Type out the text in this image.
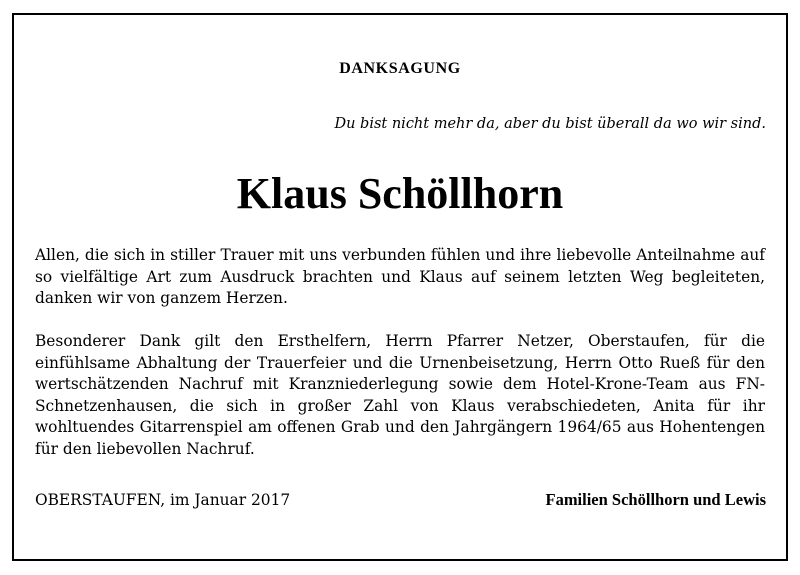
DANKSAGUNG

Du bist nicht mehr da, aber du bist überall da wo wir sind.

Klaus Schöllhorn

Allen, die sich in stiller Trauer mit uns verbunden fühlen und ihre liebevolle Anteilnahme auf so vielfältige Art zum Ausdruck brachten und Klaus auf seinem letzten Weg begleiteten, danken wir von ganzem Herzen.

Besonderer Dank gilt den Ersthelfern, Herrn Pfarrer Netzer, Oberstaufen, für die einfühlsame Abhaltung der Trauerfeier und die Urnenbeisetzung, Herrn Otto Rueß für den wertschätzenden Nachruf mit Kranzniederlegung sowie dem Hotel-Krone-Team aus FN-Schnetzenhausen, die sich in großer Zahl von Klaus verabschiedeten, Anita für ihr wohltuendes Gitarrenspiel am offenen Grab und den Jahrgängern 1964/65 aus Hohentengen für den liebevollen Nachruf.

OBERSTAUFEN, im Januar 2017	Familien Schöllhorn und Lewis
